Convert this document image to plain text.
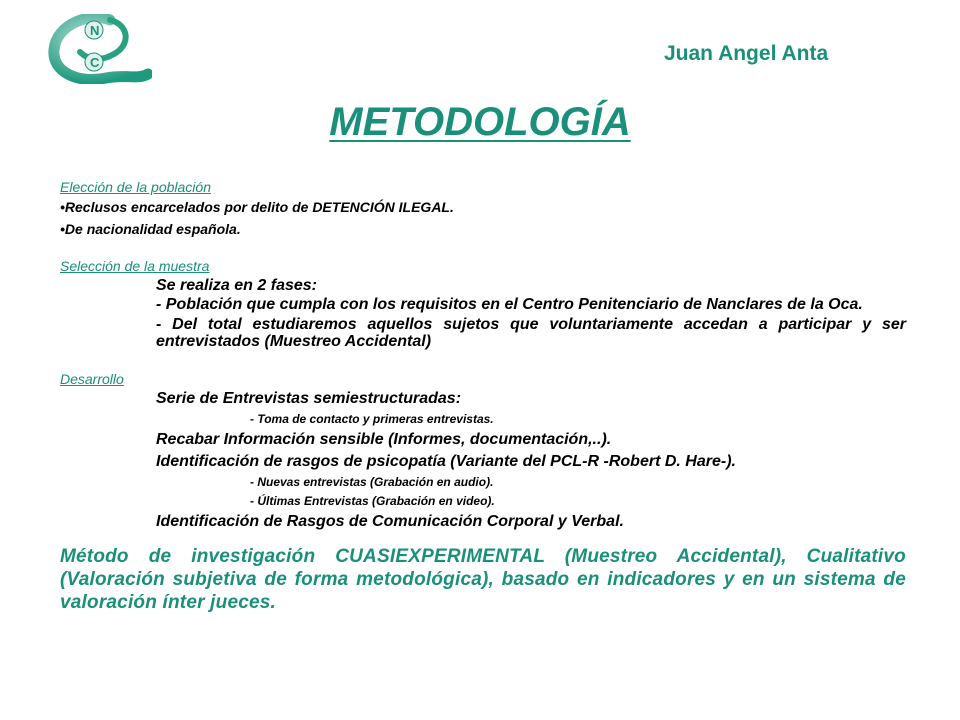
N
C	Juan Angel Anta
METODOLOGÍA
Elección de la población
•Reclusos encarcelados por delito de DETENCIÓN ILEGAL.
•De nacionalidad española.
Selección de la muestra
Se realiza en 2 fases:
- Población que cumpla con los requisitos en el Centro Penitenciario de Nanclares de la Oca.
- Del total estudiaremos aquellos sujetos que voluntariamente accedan a participar y ser entrevistados (Muestreo Accidental)
Desarrollo
Serie de Entrevistas semiestructuradas:
- Toma de contacto y primeras entrevistas.
Recabar Información sensible (Informes, documentación,..).
Identificación de rasgos de psicopatía (Variante del PCL-R -Robert D. Hare-).
- Nuevas entrevistas (Grabación en audio).
- Últimas Entrevistas (Grabación en video).
Identificación de Rasgos de Comunicación Corporal y Verbal.
Método de investigación CUASIEXPERIMENTAL (Muestreo Accidental), Cualitativo (Valoración subjetiva de forma metodológica), basado en indicadores y en un sistema de valoración ínter jueces.
